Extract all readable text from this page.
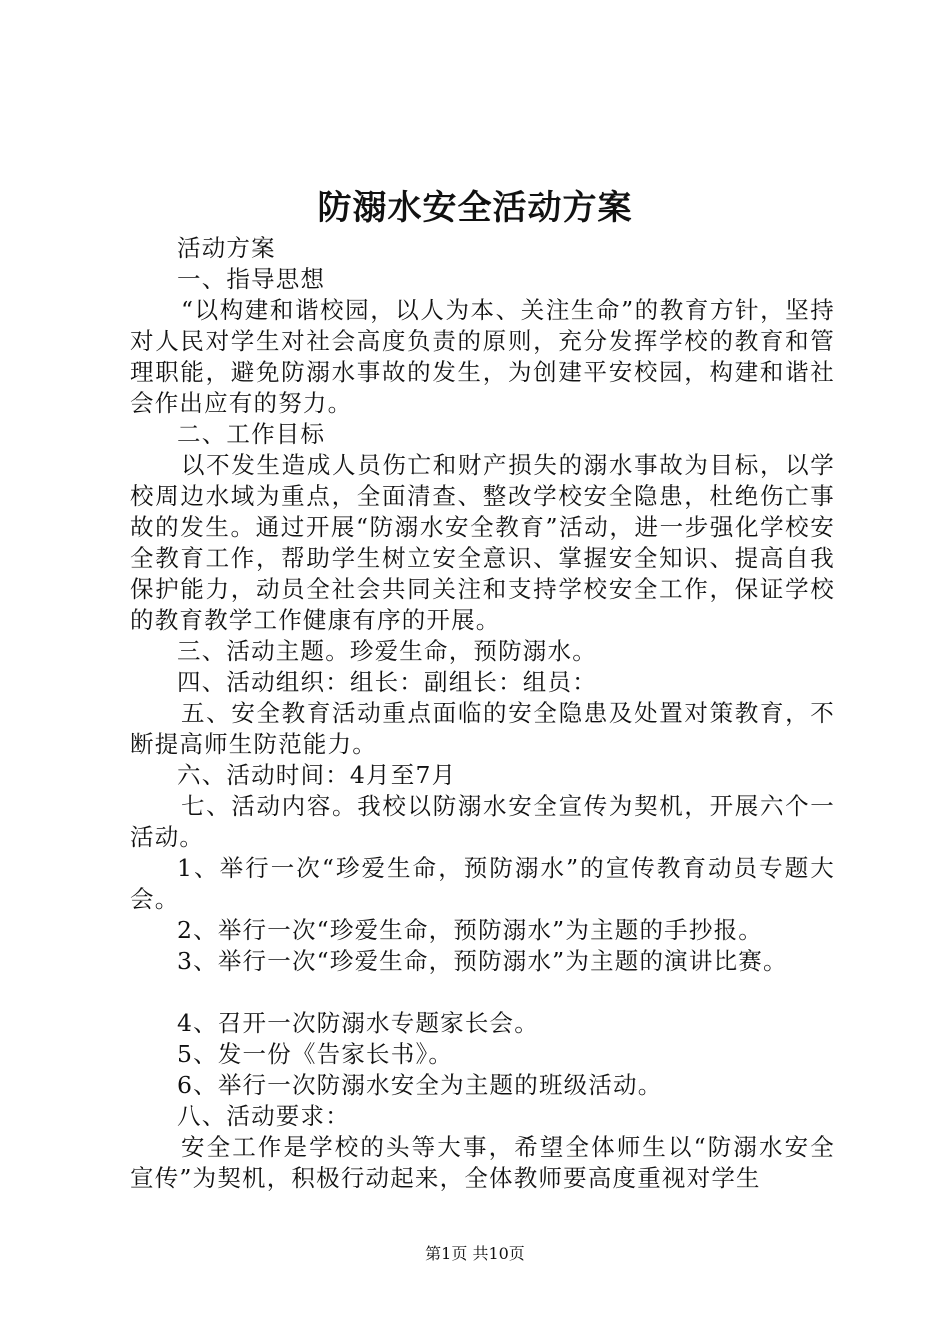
防溺水安全活动方案

活动方案

一、指导思想

“以构建和谐校园，以人为本、关注生命”的教育方针，坚持对人民对学生对社会高度负责的原则，充分发挥学校的教育和管理职能，避免防溺水事故的发生，为创建平安校园，构建和谐社会作出应有的努力。

二、工作目标

以不发生造成人员伤亡和财产损失的溺水事故为目标，以学校周边水域为重点，全面清查、整改学校安全隐患，杜绝伤亡事故的发生。通过开展“防溺水安全教育”活动，进一步强化学校安全教育工作，帮助学生树立安全意识、掌握安全知识、提高自我保护能力，动员全社会共同关注和支持学校安全工作，保证学校的教育教学工作健康有序的开展。

三、活动主题。珍爱生命，预防溺水。

四、活动组织：组长：副组长：组员：

五、安全教育活动重点面临的安全隐患及处置对策教育，不断提高师生防范能力。

六、活动时间：4月至7月

七、活动内容。我校以防溺水安全宣传为契机，开展六个一活动。

1、举行一次“珍爱生命，预防溺水”的宣传教育动员专题大会。

2、举行一次“珍爱生命，预防溺水”为主题的手抄报。

3、举行一次“珍爱生命，预防溺水”为主题的演讲比赛。

4、召开一次防溺水专题家长会。

5、发一份《告家长书》。

6、举行一次防溺水安全为主题的班级活动。

八、活动要求：

安全工作是学校的头等大事，希望全体师生以“防溺水安全宣传”为契机，积极行动起来，全体教师要高度重视对学生

第1页 共10页
